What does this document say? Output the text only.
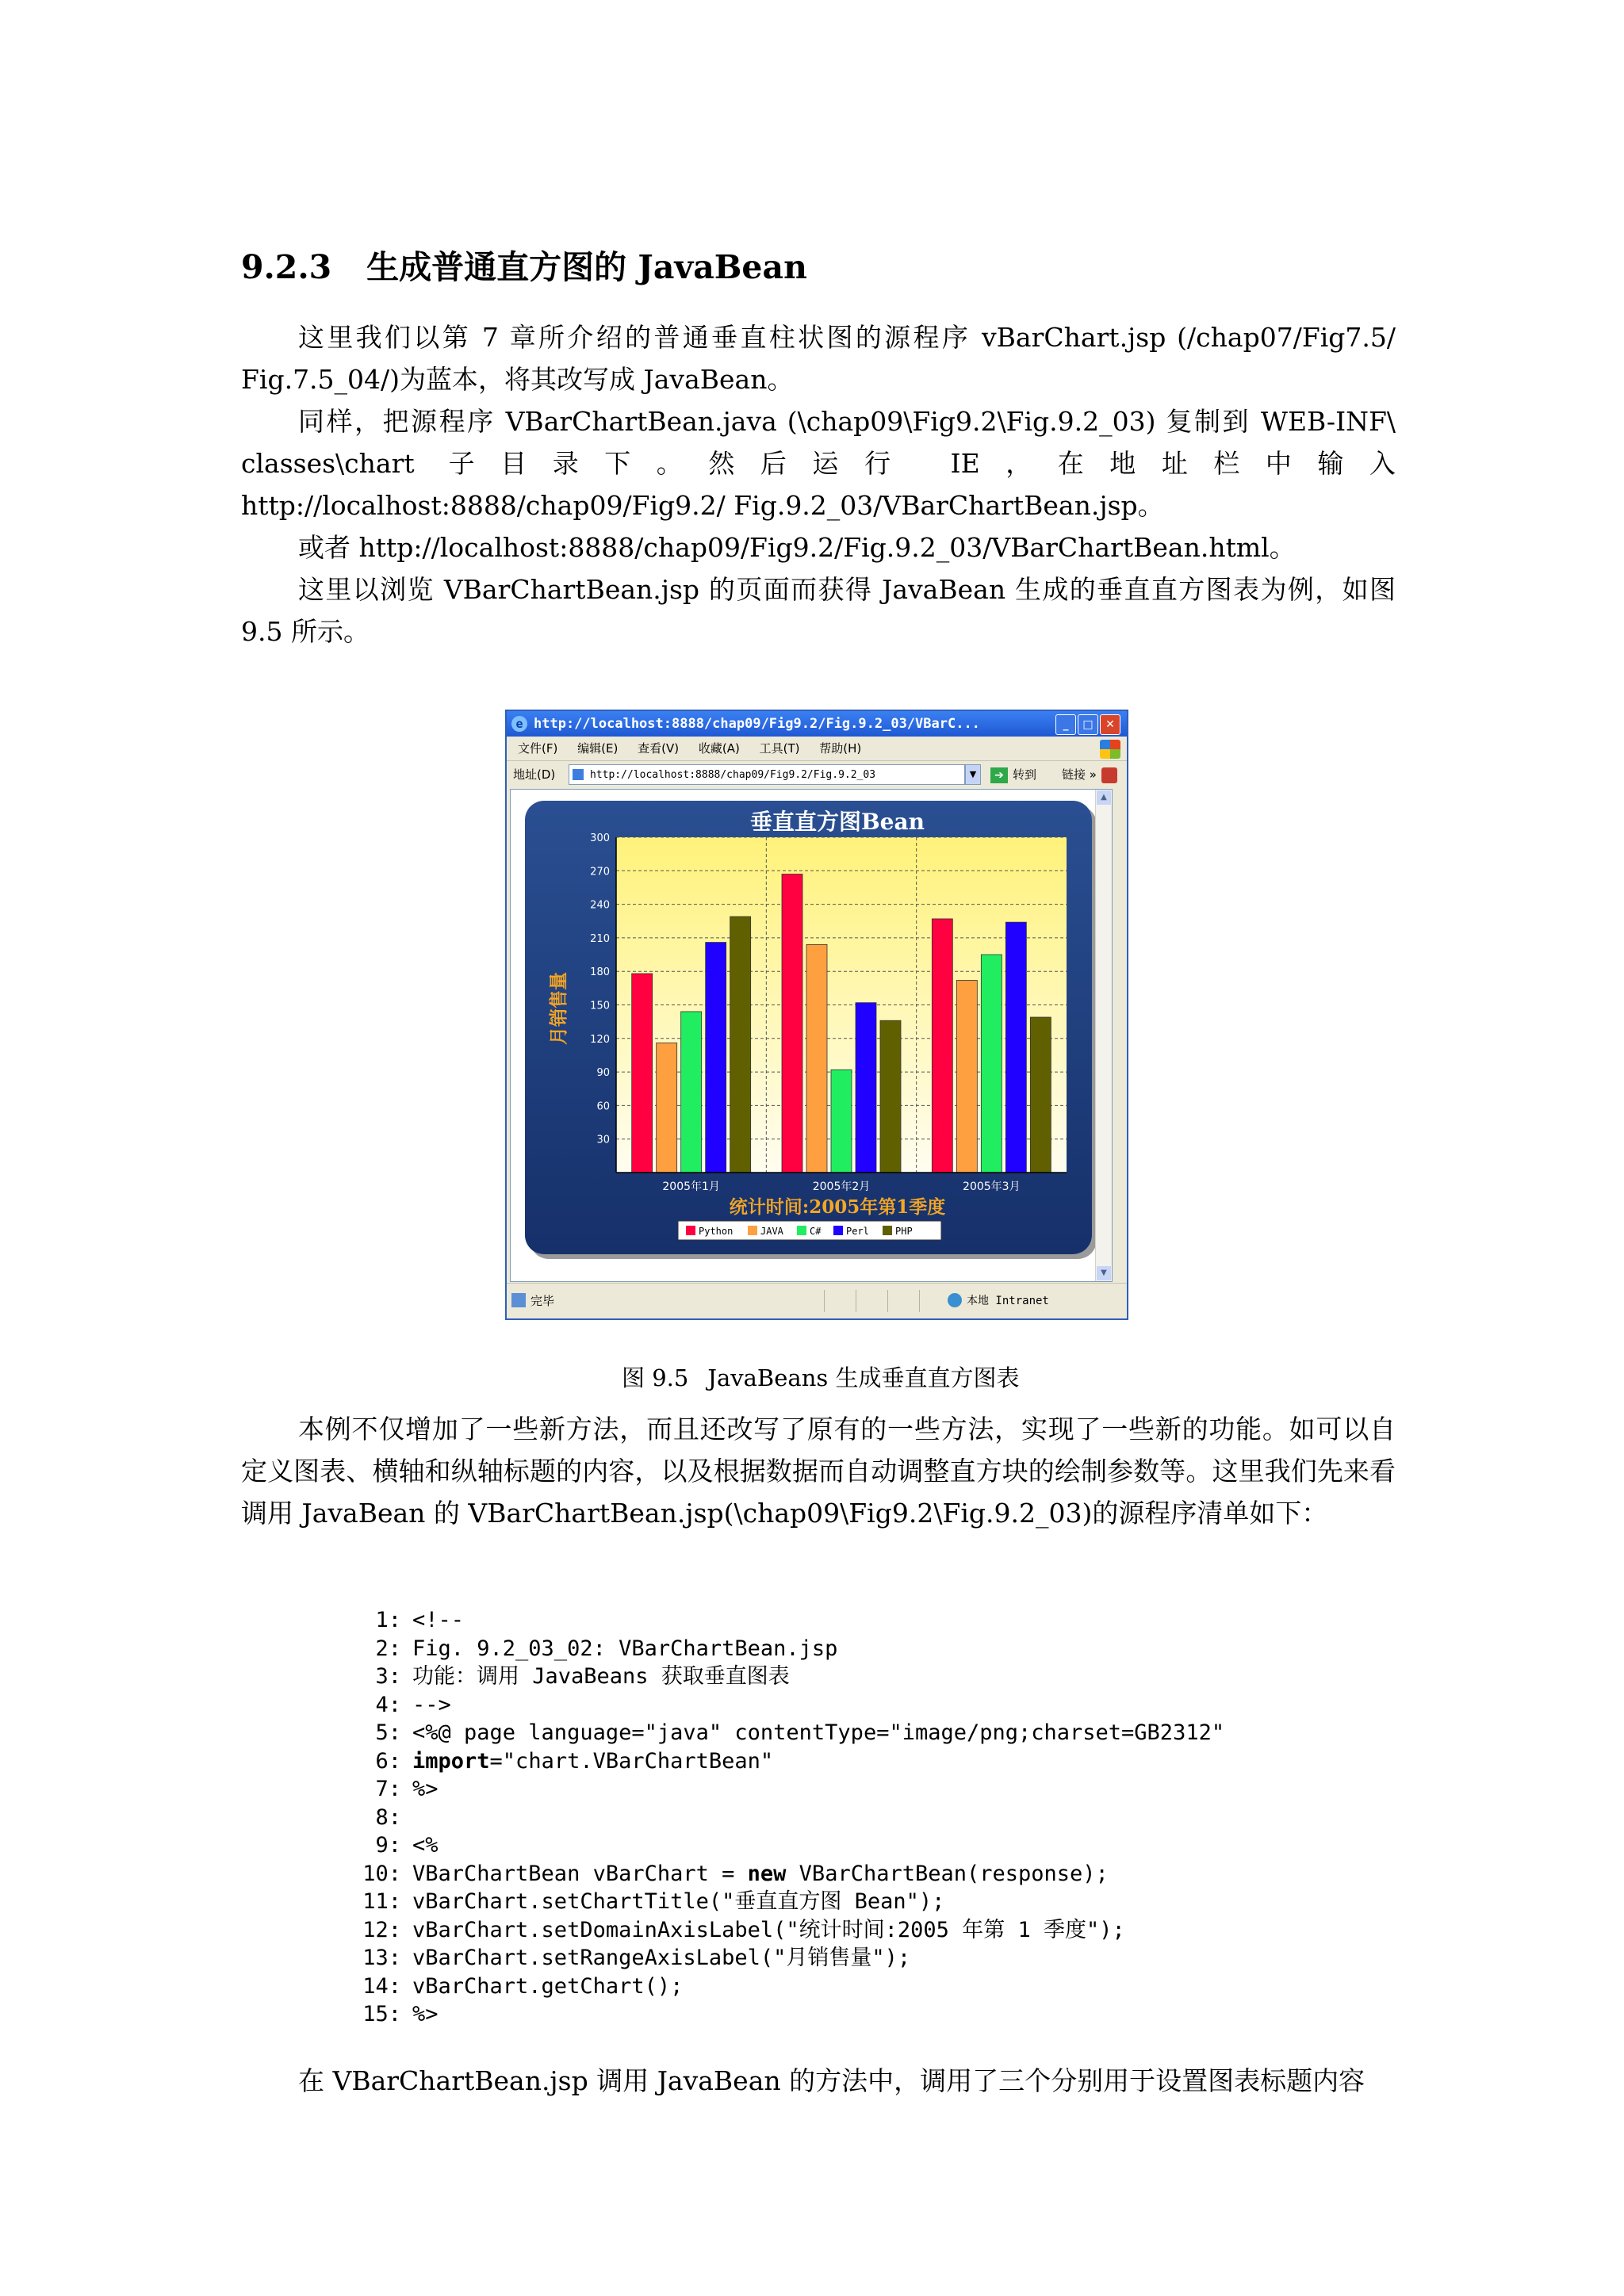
9.2.3 生成普通直方图的 JavaBean
这里我们以第 7 章所介绍的普通垂直柱状图的源程序 vBarChart.jsp (/chap07/Fig7.5/ Fig.7.5_04/)为蓝本，将其改写成 JavaBean。
同样，把源程序 VBarChartBean.java (\chap09\Fig9.2\Fig.9.2_03) 复制到 WEB-INF\ classes\chart 子目录下。然后运行 IE，在地址栏中输入 http://localhost:8888/chap09/Fig9.2/ Fig.9.2_03/VBarChartBean.jsp。
或者 http://localhost:8888/chap09/Fig9.2/Fig.9.2_03/VBarChartBean.html。
这里以浏览 VBarChartBean.jsp 的页面而获得 JavaBean 生成的垂直直方图表为例，如图 9.5 所示。
e http://localhost:8888/chap09/Fig9.2/Fig.9.2_03/VBarC...	_	□	✕
文件(F) 编辑(E) 查看(V) 收藏(A) 工具(T) 帮助(H)
地址(D)	http://localhost:8888/chap09/Fig9.2/Fig.9.2_03	▼	➔ 转到 链接 »
30
60
90
120
150
180
210
240
270
300
2005年1月	2005年2月	2005年3月
垂直直方图Bean
统计时间:2005年第1季度
月销售量
Python	JAVA	C#	Perl	PHP
▲
▼
完毕	本地 Intranet
图 9.5 JavaBeans 生成垂直直方图表
本例不仅增加了一些新方法，而且还改写了原有的一些方法，实现了一些新的功能。如可以自定义图表、横轴和纵轴标题的内容，以及根据数据而自动调整直方块的绘制参数等。这里我们先来看调用 JavaBean 的 VBarChartBean.jsp(\chap09\Fig9.2\Fig.9.2_03)的源程序清单如下：
1: <!--
2: Fig. 9.2_03_02: VBarChartBean.jsp
3: 功能：调用 JavaBeans 获取垂直图表
4: -->
5: <%@ page language="java" contentType="image/png;charset=GB2312"
6: import="chart.VBarChartBean"
7: %>
8:
9: <%
10: VBarChartBean vBarChart = new VBarChartBean(response);
11: vBarChart.setChartTitle("垂直直方图 Bean");
12: vBarChart.setDomainAxisLabel("统计时间:2005 年第 1 季度");
13: vBarChart.setRangeAxisLabel("月销售量");
14: vBarChart.getChart();
15: %>
在 VBarChartBean.jsp 调用 JavaBean 的方法中，调用了三个分别用于设置图表标题内容
